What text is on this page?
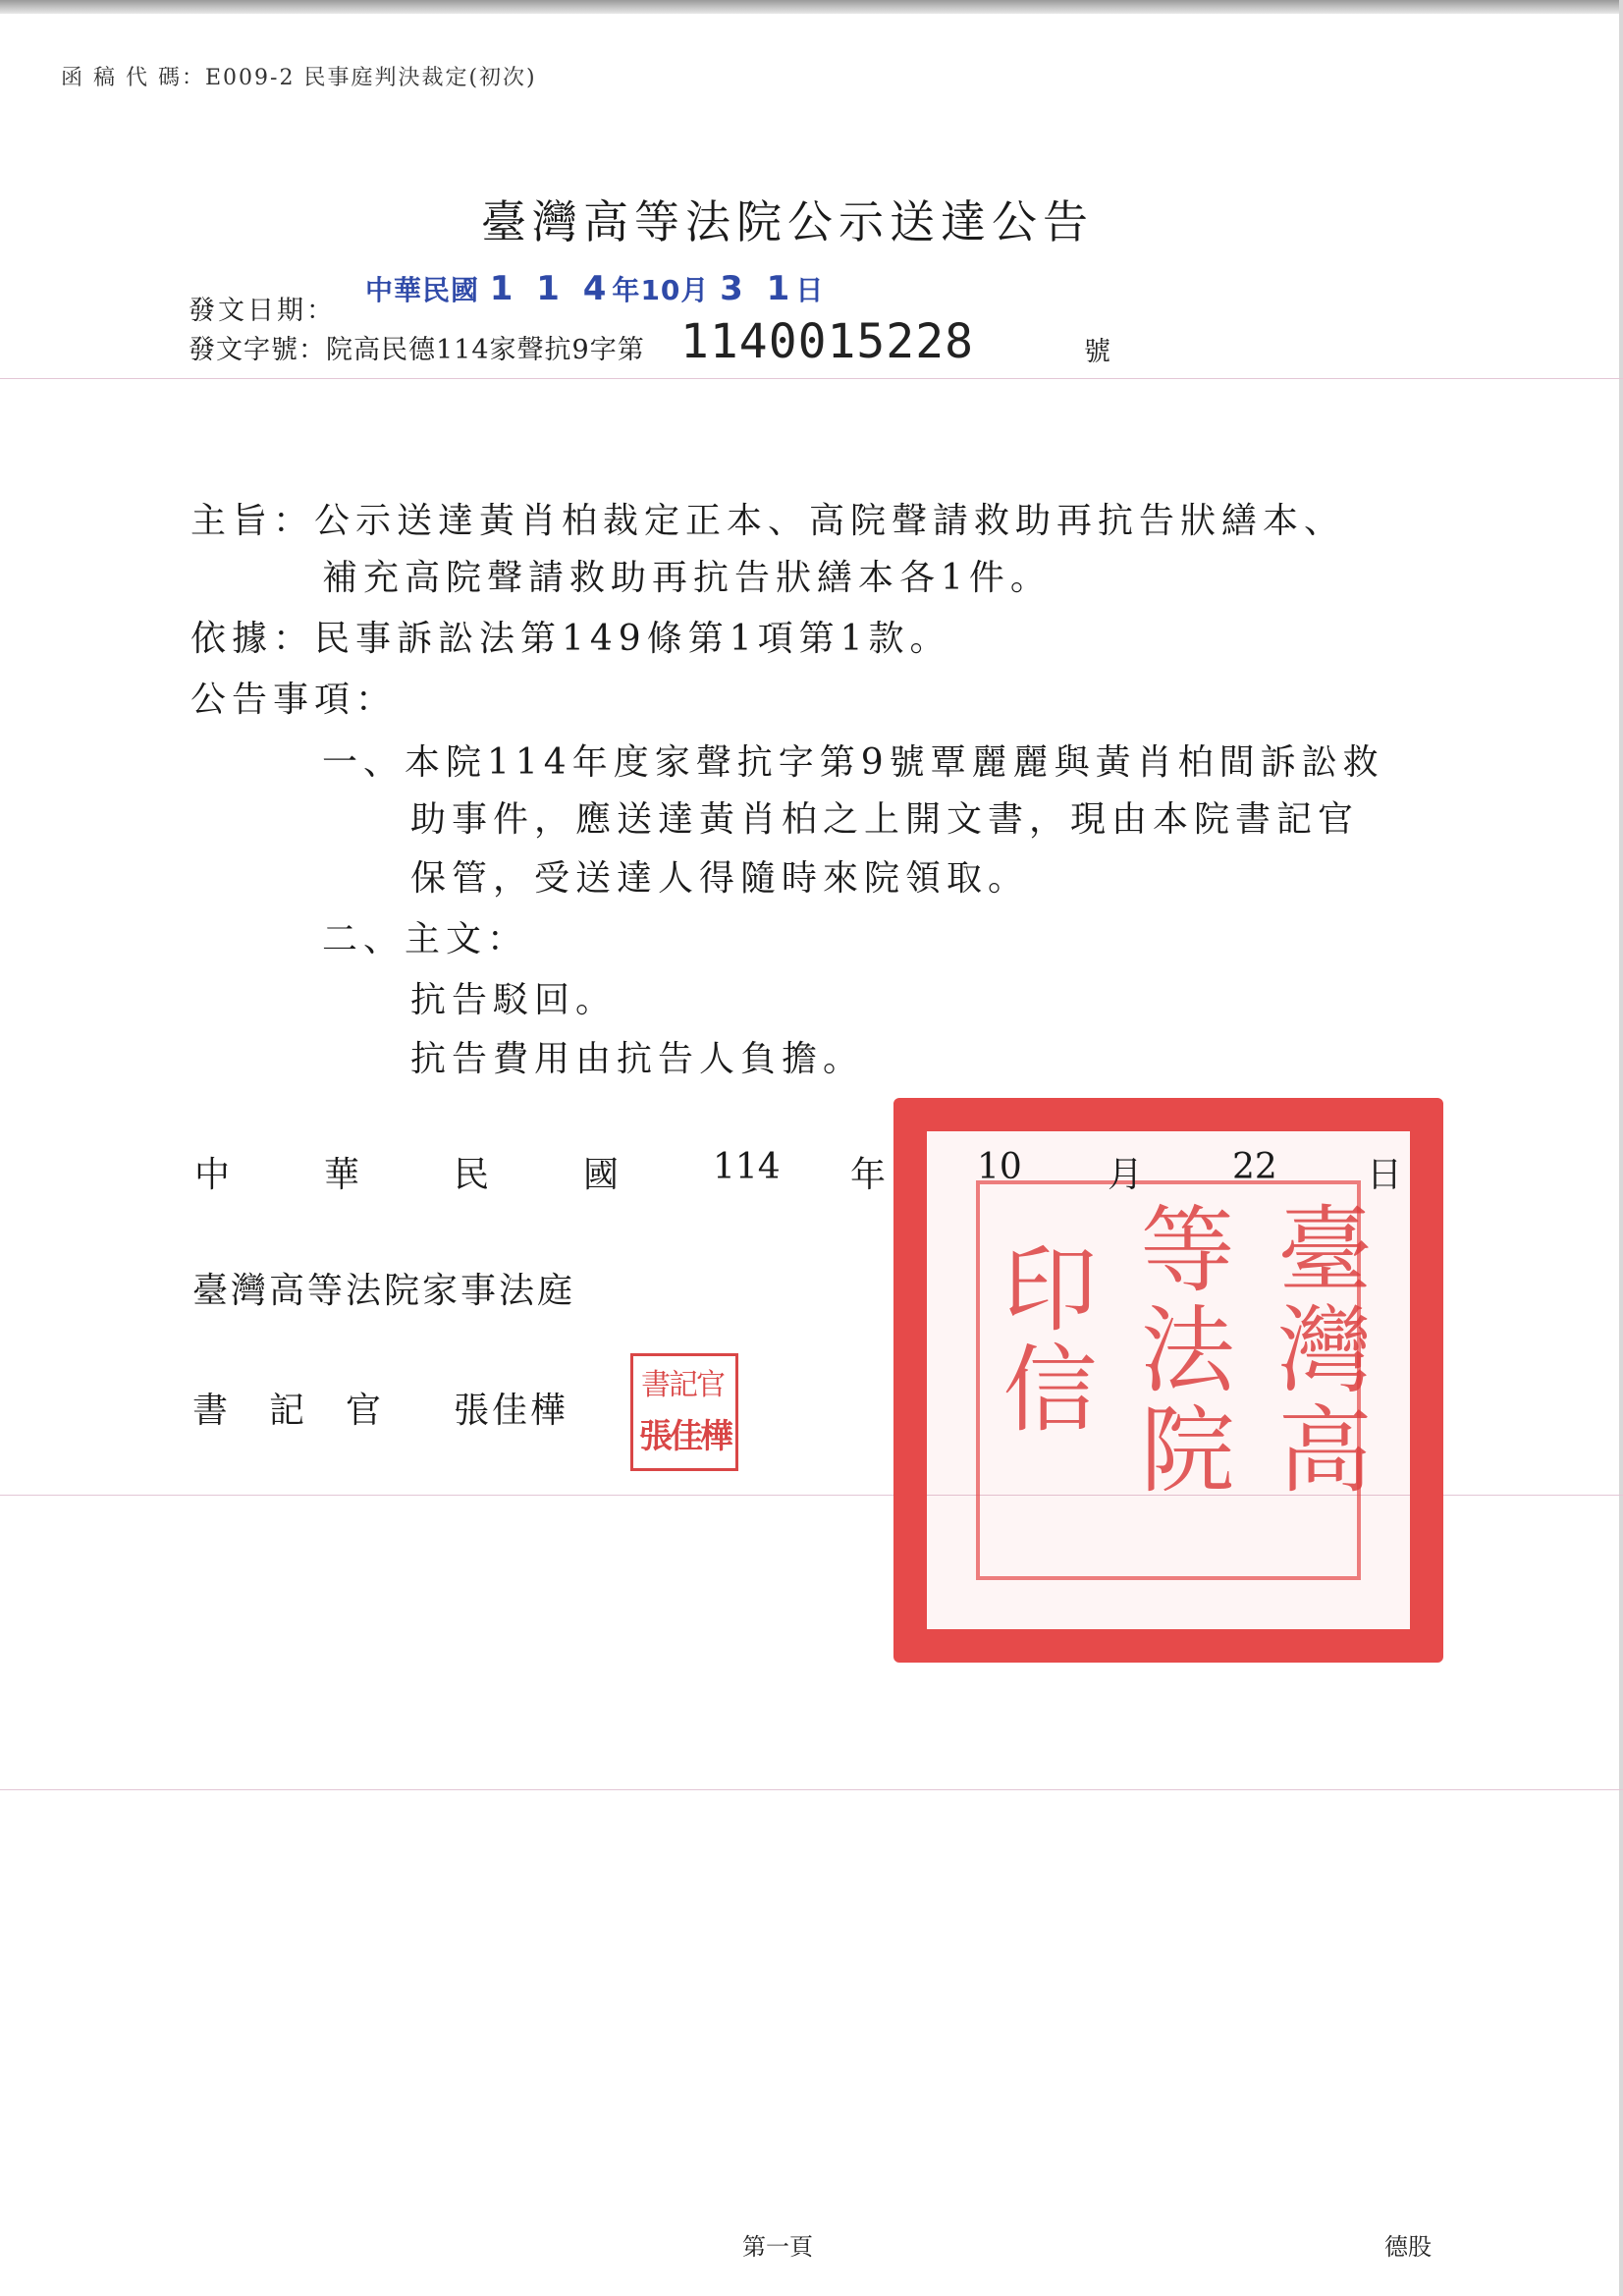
函 稿 代 碼：E009-2 民事庭判決裁定(初次)
臺灣高等法院公示送達公告
發文日期：
中華民國 1 1 4年10月 3 1日
發文字號：院高民德114家聲抗9字第 1140015228	號
主旨：公示送達黃肖柏裁定正本、高院聲請救助再抗告狀繕本、
補充高院聲請救助再抗告狀繕本各1件。
依據：民事訴訟法第149條第1項第1款。
公告事項：
一、本院114年度家聲抗字第9號覃麗麗與黃肖柏間訴訟救
助事件，應送達黃肖柏之上開文書，現由本院書記官
保管，受送達人得隨時來院領取。
二、主文：
抗告駁回。
抗告費用由抗告人負擔。
臺灣高
等法院
印信
中	華	民	國	114 年	10 月	22	日
臺灣高等法院家事法庭
書　記　官 張佳樺
書記官
張佳樺
第一頁	德股
